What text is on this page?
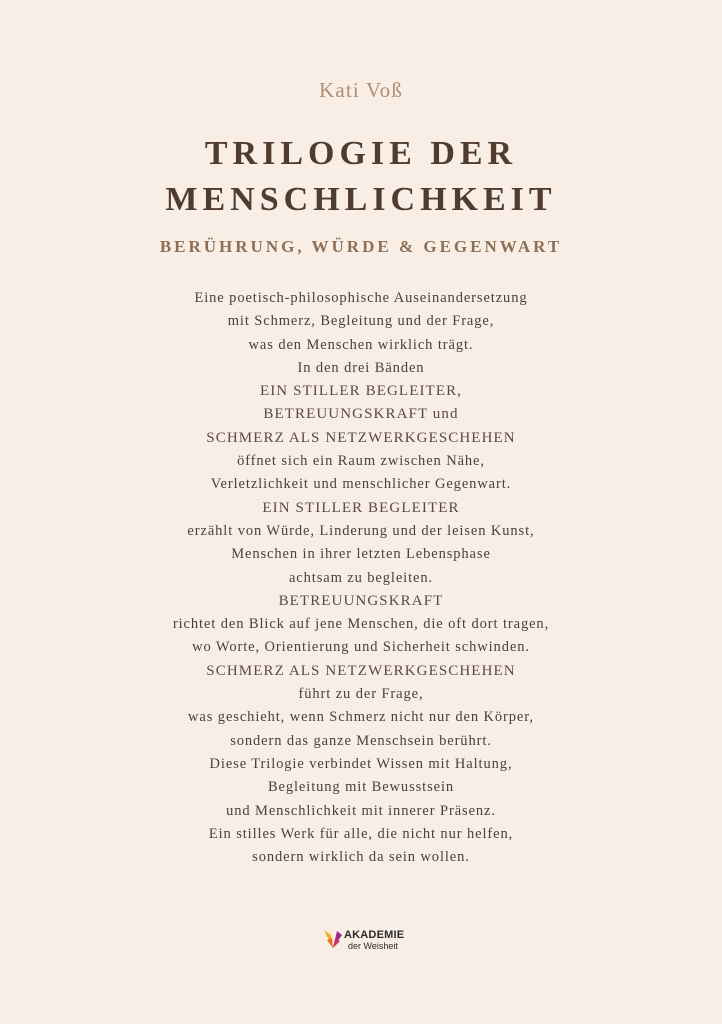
Kati Voß
TRILOGIE DER
MENSCHLICHKEIT
BERÜHRUNG, WÜRDE & GEGENWART
Eine poetisch-philosophische Auseinandersetzung
mit Schmerz, Begleitung und der Frage,
was den Menschen wirklich trägt.
In den drei Bänden
EIN STILLER BEGLEITER,
BETREUUNGSKRAFT und
SCHMERZ ALS NETZWERKGESCHEHEN
öffnet sich ein Raum zwischen Nähe,
Verletzlichkeit und menschlicher Gegenwart.
EIN STILLER BEGLEITER
erzählt von Würde, Linderung und der leisen Kunst,
Menschen in ihrer letzten Lebensphase
achtsam zu begleiten.
BETREUUNGSKRAFT
richtet den Blick auf jene Menschen, die oft dort tragen,
wo Worte, Orientierung und Sicherheit schwinden.
SCHMERZ ALS NETZWERKGESCHEHEN
führt zu der Frage,
was geschieht, wenn Schmerz nicht nur den Körper,
sondern das ganze Menschsein berührt.
Diese Trilogie verbindet Wissen mit Haltung,
Begleitung mit Bewusstsein
und Menschlichkeit mit innerer Präsenz.
Ein stilles Werk für alle, die nicht nur helfen,
sondern wirklich da sein wollen.
AKADEMIE
der Weisheit
